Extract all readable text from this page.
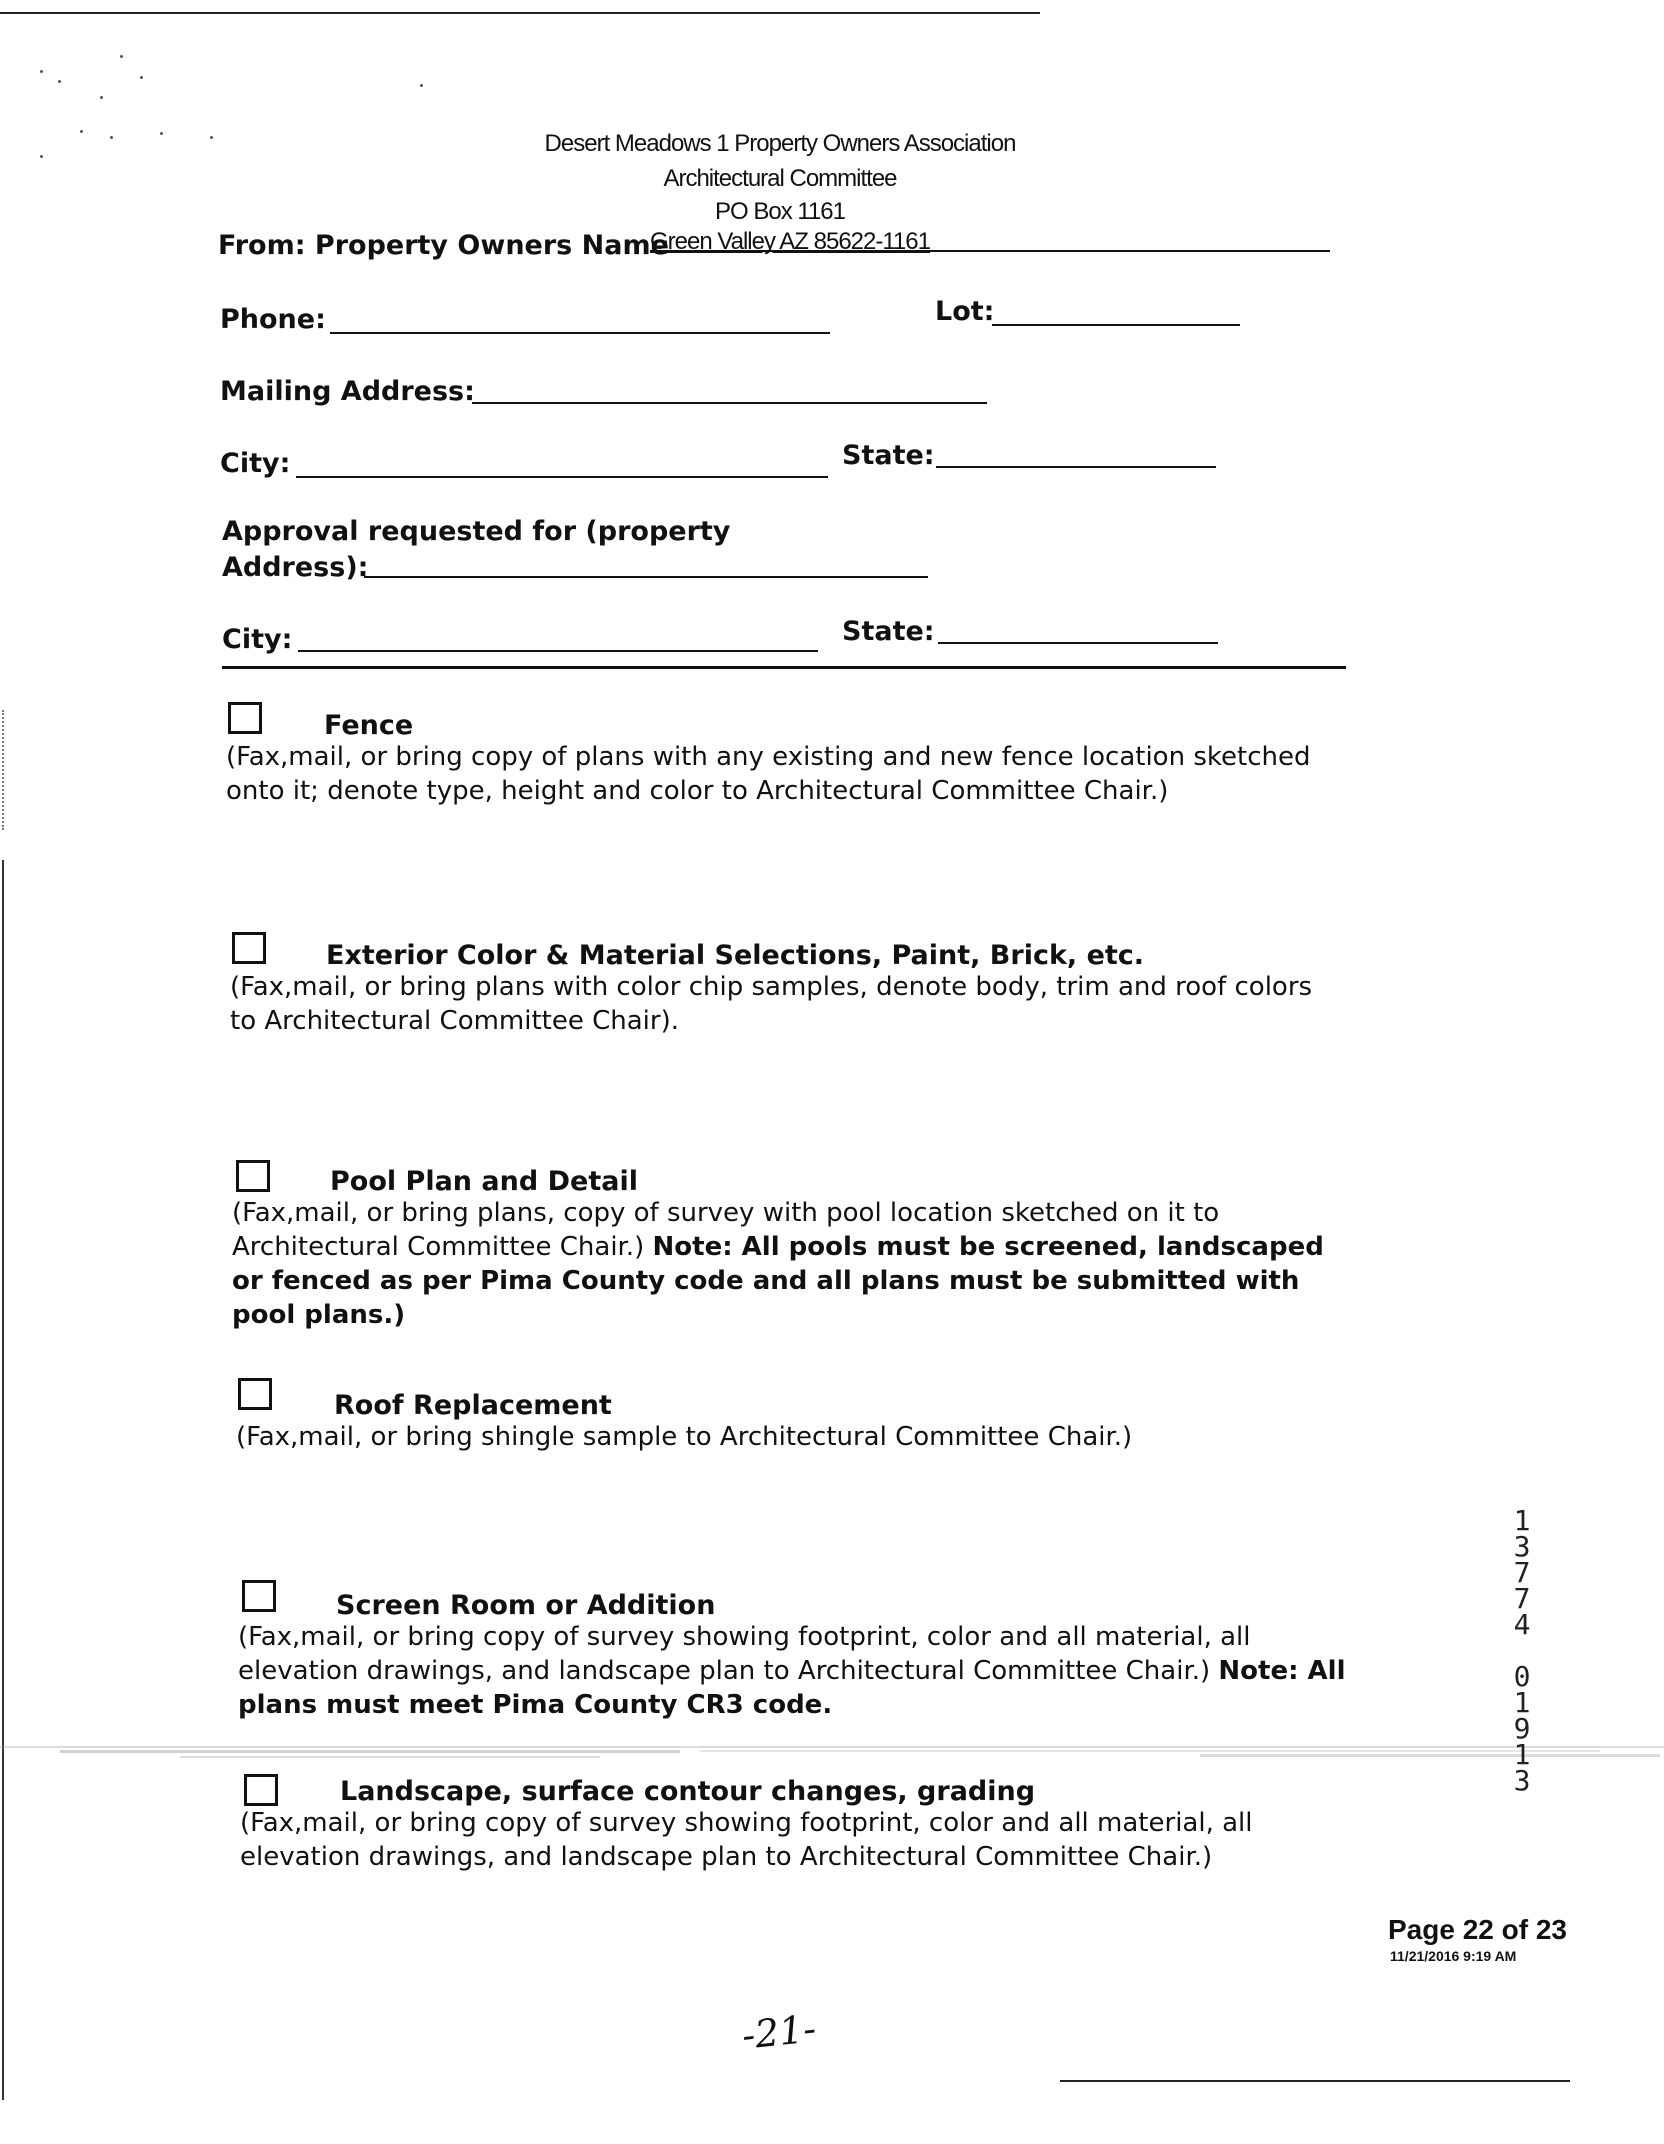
Desert Meadows 1 Property Owners Association
Architectural Committee
PO Box 1161
From: Property Owners Name
Green Valley AZ 85622-1161
Phone:	Lot:
Mailing Address:
City:	State:
Approval requested for (property
Address):
City:	State:
Fence
(Fax,mail, or bring copy of plans with any existing and new fence location sketched onto it; denote type, height and color to Architectural Committee Chair.)
Exterior Color & Material Selections, Paint, Brick, etc.
(Fax,mail, or bring plans with color chip samples, denote body, trim and roof colors to Architectural Committee Chair).
Pool Plan and Detail
(Fax,mail, or bring plans, copy of survey with pool location sketched on it to Architectural Committee Chair.) Note: All pools must be screened, landscaped or fenced as per Pima County code and all plans must be submitted with pool plans.)
Roof Replacement
(Fax,mail, or bring shingle sample to Architectural Committee Chair.)
Screen Room or Addition
(Fax,mail, or bring copy of survey showing footprint, color and all material, all elevation drawings, and landscape plan to Architectural Committee Chair.) Note: All plans must meet Pima County CR3 code.
Landscape, surface contour changes, grading
(Fax,mail, or bring copy of survey showing footprint, color and all material, all elevation drawings, and landscape plan to Architectural Committee Chair.)
1
3
7
7
4
0
1
9
1
3
Page 22 of 23
11/21/2016 9:19 AM
-21-
